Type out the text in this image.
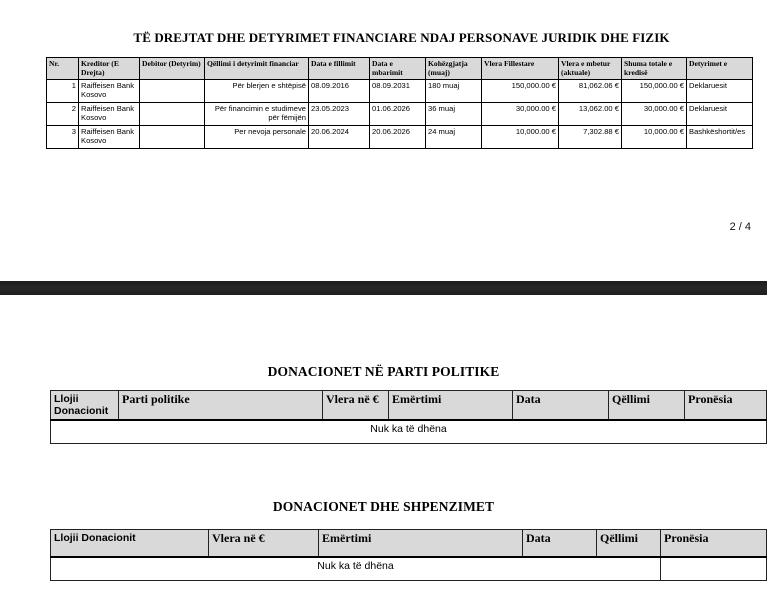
TË DREJTAT DHE DETYRIMET FINANCIARE NDAJ PERSONAVE JURIDIK DHE FIZIK
Nr.	Kreditor (E Drejta)	Debitor (Detyrim)	Qëllimi i detyrimit financiar	Data e fillimit	Data e mbarimit	Kohëzgjatja (muaj)	Vlera Fillestare	Vlera e mbetur (aktuale)	Shuma totale e kredisë	Detyrimet e
1	Raiffeisen Bank Kosovo		Për blerjen e shtëpisë	08.09.2016	08.09.2031	180 muaj	150,000.00 €	81,062.06 €	150,000.00 €	Deklaruesit
2	Raiffeisen Bank Kosovo		Për financimin e studimeve për fëmijën	23.05.2023	01.06.2026	36 muaj	30,000.00 €	13,062.00 €	30,000.00 €	Deklaruesit
3	Raiffeisen Bank Kosovo		Per nevoja personale	20.06.2024	20.06.2026	24 muaj	10,000.00 €	7,302.88 €	10,000.00 €	Bashkëshortit/es
2 / 4
DONACIONET NË PARTI POLITIKE
Llojii Donacionit	Parti politike	Vlera në €	Emërtimi	Data	Qëllimi	Pronësia
Nuk ka të dhëna
DONACIONET DHE SHPENZIMET
Llojii Donacionit	Vlera në €	Emërtimi	Data	Qëllimi	Pronësia
Nuk ka të dhëna					
